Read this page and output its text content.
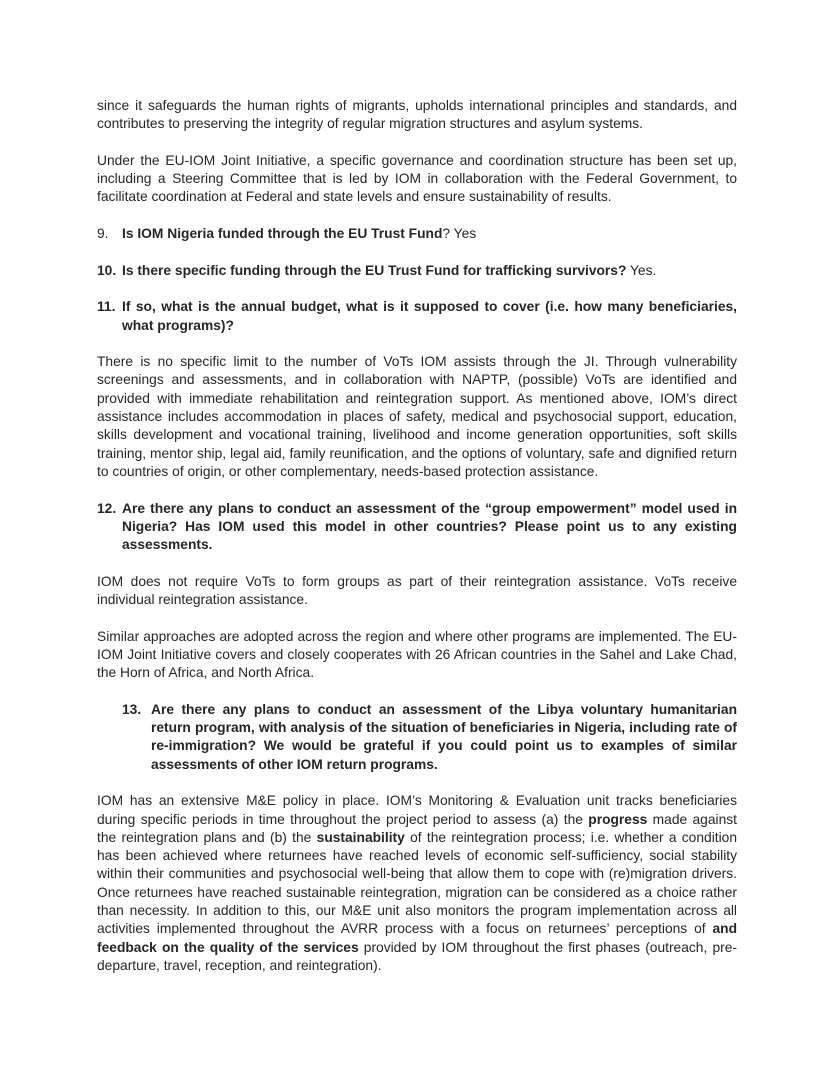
since it safeguards the human rights of migrants, upholds international principles and standards, and contributes to preserving the integrity of regular migration structures and asylum systems.

Under the EU-IOM Joint Initiative, a specific governance and coordination structure has been set up, including a Steering Committee that is led by IOM in collaboration with the Federal Government, to facilitate coordination at Federal and state levels and ensure sustainability of results.

9. Is IOM Nigeria funded through the EU Trust Fund? Yes
10. Is there specific funding through the EU Trust Fund for trafficking survivors? Yes.
11. If so, what is the annual budget, what is it supposed to cover (i.e. how many beneficiaries, what programs)?

There is no specific limit to the number of VoTs IOM assists through the JI. Through vulnerability screenings and assessments, and in collaboration with NAPTP, (possible) VoTs are identified and provided with immediate rehabilitation and reintegration support. As mentioned above, IOM’s direct assistance includes accommodation in places of safety, medical and psychosocial support, education, skills development and vocational training, livelihood and income generation opportunities, soft skills training, mentor ship, legal aid, family reunification, and the options of voluntary, safe and dignified return to countries of origin, or other complementary, needs-based protection assistance.

12. Are there any plans to conduct an assessment of the “group empowerment” model used in Nigeria? Has IOM used this model in other countries? Please point us to any existing assessments.

IOM does not require VoTs to form groups as part of their reintegration assistance. VoTs receive individual reintegration assistance.

Similar approaches are adopted across the region and where other programs are implemented. The EU-IOM Joint Initiative covers and closely cooperates with 26 African countries in the Sahel and Lake Chad, the Horn of Africa, and North Africa.

13. Are there any plans to conduct an assessment of the Libya voluntary humanitarian return program, with analysis of the situation of beneficiaries in Nigeria, including rate of re-immigration? We would be grateful if you could point us to examples of similar assessments of other IOM return programs.

IOM has an extensive M&E policy in place. IOM’s Monitoring & Evaluation unit tracks beneficiaries during specific periods in time throughout the project period to assess (a) the progress made against the reintegration plans and (b) the sustainability of the reintegration process; i.e. whether a condition has been achieved where returnees have reached levels of economic self-sufficiency, social stability within their communities and psychosocial well-being that allow them to cope with (re)migration drivers. Once returnees have reached sustainable reintegration, migration can be considered as a choice rather than necessity. In addition to this, our M&E unit also monitors the program implementation across all activities implemented throughout the AVRR process with a focus on returnees’ perceptions of and feedback on the quality of the services provided by IOM throughout the first phases (outreach, pre-departure, travel, reception, and reintegration).
